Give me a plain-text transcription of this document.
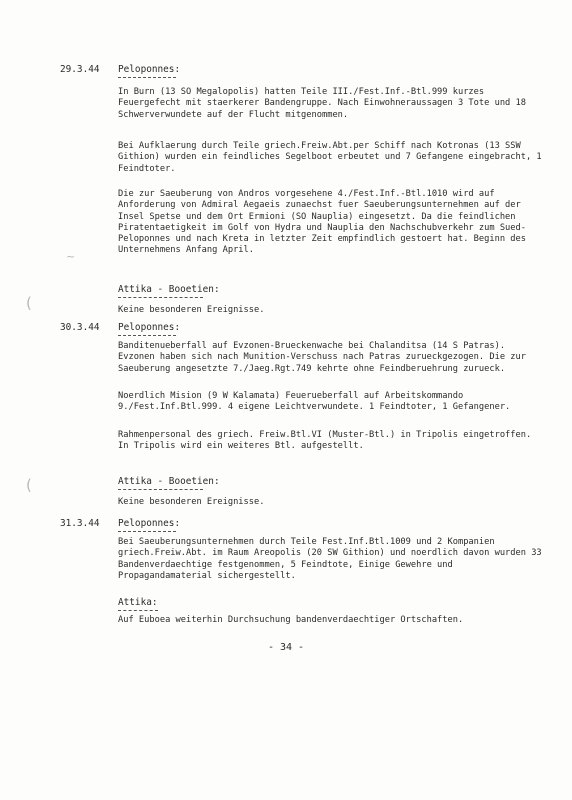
~
(
(
29.3.44 Peloponnes:

In Burn (13 SO Megalopolis) hatten Teile III./Fest.Inf.-Btl.999 kurzes Feuergefecht mit staerkerer Bandengruppe. Nach Einwohneraussagen 3 Tote und 18 Schwerverwundete auf der Flucht mitgenommen.

Bei Aufklaerung durch Teile griech.Freiw.Abt.per Schiff nach Kotronas (13 SSW Githion) wurden ein feindliches Segelboot erbeutet und 7 Gefangene eingebracht, 1 Feindtoter.

Die zur Saeuberung von Andros vorgesehene 4./Fest.Inf.-Btl.1010 wird auf Anforderung von Admiral Aegaeis zunaechst fuer Saeuberungsunternehmen auf der Insel Spetse und dem Ort Ermioni (SO Nauplia) eingesetzt. Da die feindlichen Piratentaetigkeit im Golf von Hydra und Nauplia den Nachschubverkehr zum Sued-Peloponnes und nach Kreta in letzter Zeit empfindlich gestoert hat. Beginn des Unternehmens Anfang April.

Attika - Booetien:

Keine besonderen Ereignisse.

30.3.44 Peloponnes:

Banditenueberfall auf Evzonen-Brueckenwache bei Chalanditsa (14 S Patras). Evzonen haben sich nach Munition-Verschuss nach Patras zurueckgezogen. Die zur Saeuberung angesetzte 7./Jaeg.Rgt.749 kehrte ohne Feindberuehrung zurueck.

Noerdlich Mision (9 W Kalamata) Feuerueberfall auf Arbeitskommando 9./Fest.Inf.Btl.999. 4 eigene Leichtverwundete. 1 Feindtoter, 1 Gefangener.

Rahmenpersonal des griech. Freiw.Btl.VI (Muster-Btl.) in Tripolis eingetroffen. In Tripolis wird ein weiteres Btl. aufgestellt.

Attika - Booetien:

Keine besonderen Ereignisse.

31.3.44 Peloponnes:

Bei Saeuberungsunternehmen durch Teile Fest.Inf.Btl.1009 und 2 Kompanien griech.Freiw.Abt. im Raum Areopolis (20 SW Githion) und noerdlich davon wurden 33 Bandenverdaechtige festgenommen, 5 Feindtote, Einige Gewehre und Propagandamaterial sichergestellt.

Attika:

Auf Euboea weiterhin Durchsuchung bandenverdaechtiger Ortschaften.

- 34 -
